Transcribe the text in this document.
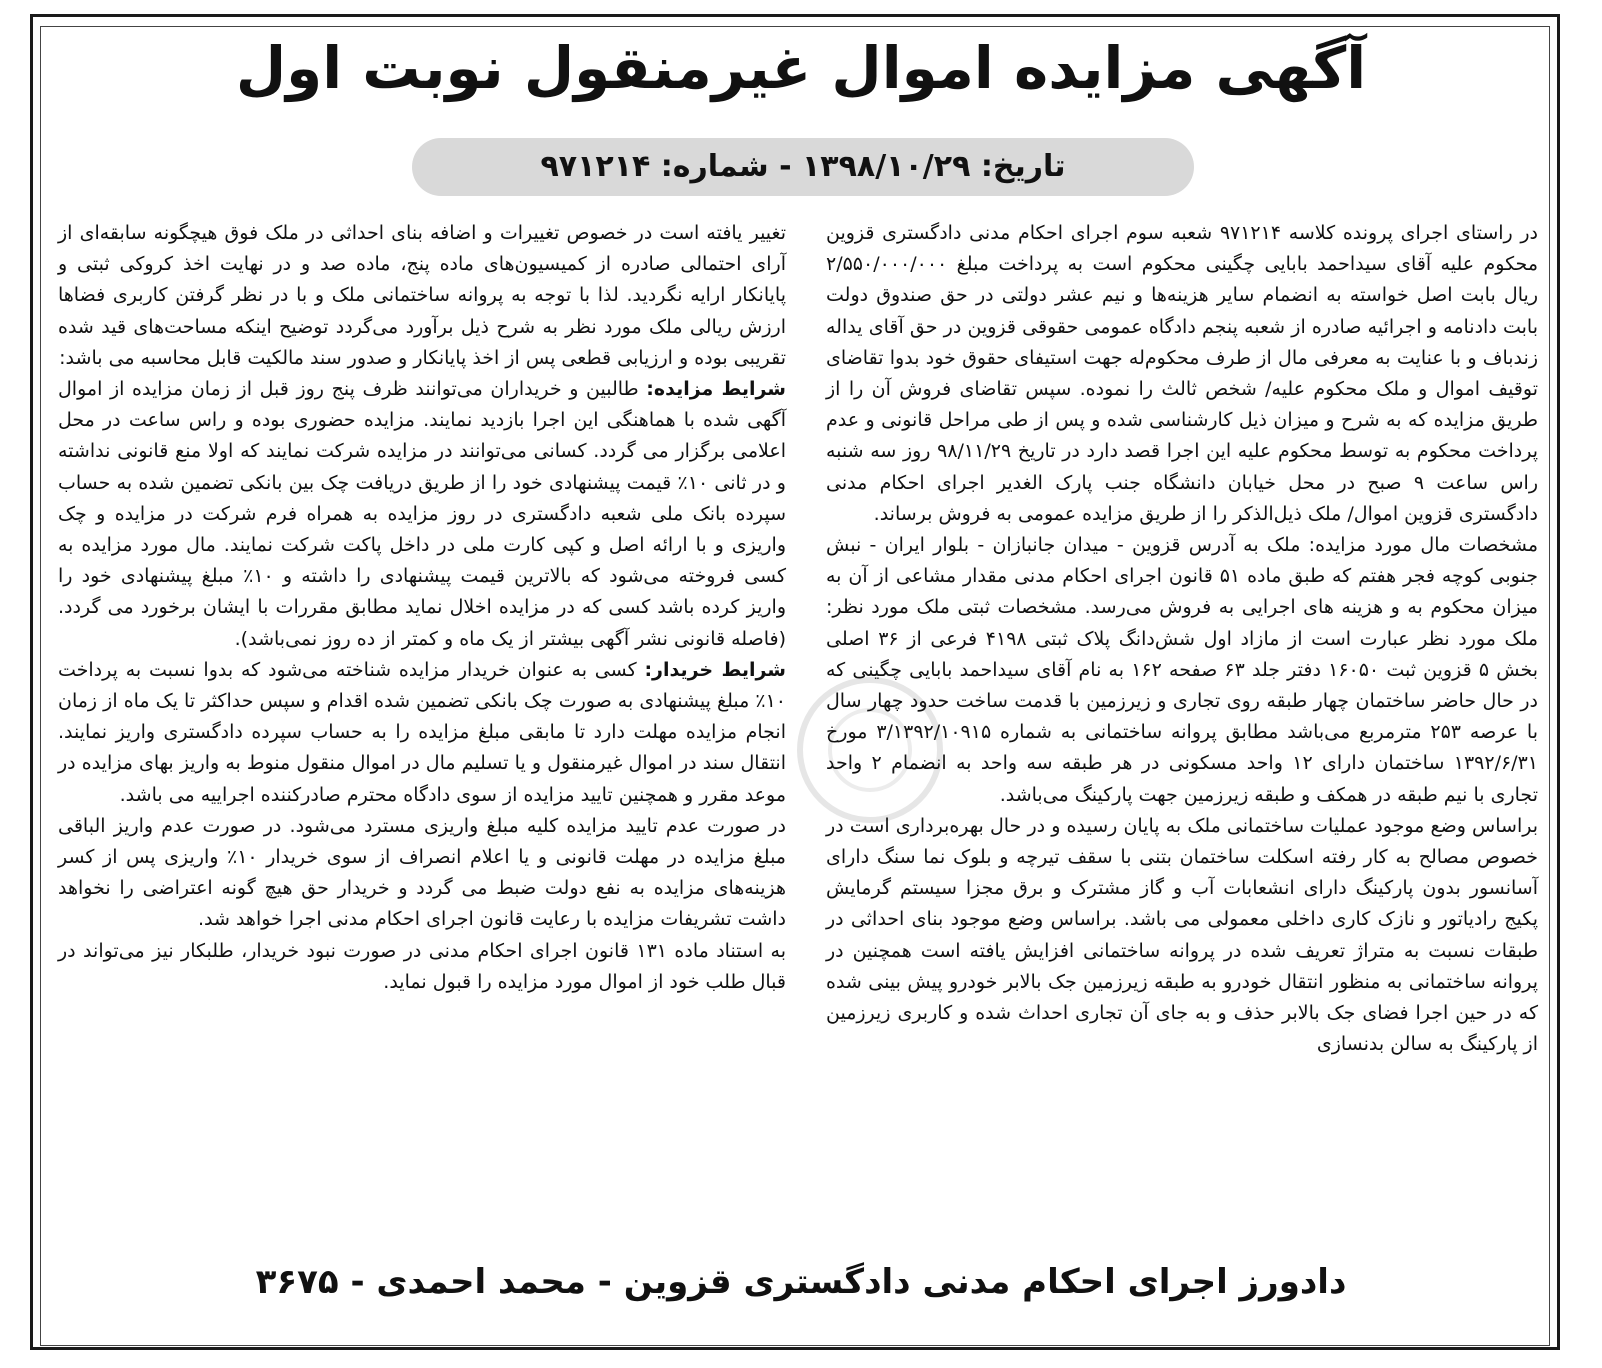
آگهی مزایده اموال غیرمنقول نوبت اول
تاریخ: ۱۳۹۸/۱۰/۲۹ - شماره: ۹۷۱۲۱۴

در راستای اجرای پرونده کلاسه ۹۷۱۲۱۴ شعبه سوم اجرای احکام مدنی دادگستری قزوین محکوم علیه آقای سیداحمد بابایی چگینی محکوم است به پرداخت مبلغ ۲/۵۵۰/۰۰۰/۰۰۰ ریال بابت اصل خواسته به انضمام سایر هزینه‌ها و نیم عشر دولتی در حق صندوق دولت بابت دادنامه و اجرائیه صادره از شعبه پنجم دادگاه عمومی حقوقی قزوین در حق آقای یداله زندباف و با عنایت به معرفی مال از طرف محکوم‌له جهت استیفای حقوق خود بدوا تقاضای توقیف اموال و ملک محکوم علیه/ شخص ثالث را نموده. سپس تقاضای فروش آن را از طریق مزایده که به شرح و میزان ذیل کارشناسی شده و پس از طی مراحل قانونی و عدم پرداخت محکوم به توسط محکوم علیه این اجرا قصد دارد در تاریخ ۹۸/۱۱/۲۹ روز سه شنبه راس ساعت ۹ صبح در محل خیابان دانشگاه جنب پارک الغدیر اجرای احکام مدنی دادگستری قزوین اموال/ ملک ذیل‌الذکر را از طریق مزایده عمومی به فروش برساند.

مشخصات مال مورد مزایده: ملک به آدرس قزوین - میدان جانبازان - بلوار ایران - نبش جنوبی کوچه فجر هفتم که طبق ماده ۵۱ قانون اجرای احکام مدنی مقدار مشاعی از آن به میزان محکوم به و هزینه های اجرایی به فروش می‌رسد. مشخصات ثبتی ملک مورد نظر: ملک مورد نظر عبارت است از مازاد اول شش‌دانگ پلاک ثبتی ۴۱۹۸ فرعی از ۳۶ اصلی بخش ۵ قزوین ثبت ۱۶۰۵۰ دفتر جلد ۶۳ صفحه ۱۶۲ به نام آقای سیداحمد بابایی چگینی که در حال حاضر ساختمان چهار طبقه روی تجاری و زیرزمین با قدمت ساخت حدود چهار سال با عرصه ۲۵۳ مترمربع می‌باشد مطابق پروانه ساختمانی به شماره ۳/۱۳۹۲/۱۰۹۱۵ مورخ ۱۳۹۲/۶/۳۱ ساختمان دارای ۱۲ واحد مسکونی در هر طبقه سه واحد به انضمام ۲ واحد تجاری با نیم طبقه در همکف و طبقه زیرزمین جهت پارکینگ می‌باشد.

براساس وضع موجود عملیات ساختمانی ملک به پایان رسیده و در حال بهره‌برداری است در خصوص مصالح به کار رفته اسکلت ساختمان بتنی با سقف تیرچه و بلوک نما سنگ دارای آسانسور بدون پارکینگ دارای انشعابات آب و گاز مشترک و برق مجزا سیستم گرمایش پکیج رادیاتور و نازک کاری داخلی معمولی می باشد. براساس وضع موجود بنای احداثی در طبقات نسبت به متراژ تعریف شده در پروانه ساختمانی افزایش یافته است همچنین در پروانه ساختمانی به منظور انتقال خودرو به طبقه زیرزمین جک بالابر خودرو پیش بینی شده که در حین اجرا فضای جک بالابر حذف و به جای آن تجاری احداث شده و کاربری زیرزمین از پارکینگ به سالن بدنسازی

تغییر یافته است در خصوص تغییرات و اضافه بنای احداثی در ملک فوق هیچگونه سابقه‌ای از آرای احتمالی صادره از کمیسیون‌های ماده پنج، ماده صد و در نهایت اخذ کروکی ثبتی و پایانکار ارایه نگردید. لذا با توجه به پروانه ساختمانی ملک و با در نظر گرفتن کاربری فضاها ارزش ریالی ملک مورد نظر به شرح ذیل برآورد می‌گردد توضیح اینکه مساحت‌های قید شده تقریبی بوده و ارزیابی قطعی پس از اخذ پایانکار و صدور سند مالکیت قابل محاسبه می باشد:

شرایط مزایده: طالبین و خریداران می‌توانند ظرف پنج روز قبل از زمان مزایده از اموال آگهی شده با هماهنگی این اجرا بازدید نمایند. مزایده حضوری بوده و راس ساعت در محل اعلامی برگزار می گردد. کسانی می‌توانند در مزایده شرکت نمایند که اولا منع قانونی نداشته و در ثانی ۱۰٪ قیمت پیشنهادی خود را از طریق دریافت چک بین بانکی تضمین شده به حساب سپرده بانک ملی شعبه دادگستری در روز مزایده به همراه فرم شرکت در مزایده و چک واریزی و با ارائه اصل و کپی کارت ملی در داخل پاکت شرکت نمایند. مال مورد مزایده به کسی فروخته می‌شود که بالاترین قیمت پیشنهادی را داشته و ۱۰٪ مبلغ پیشنهادی خود را واریز کرده باشد کسی که در مزایده اخلال نماید مطابق مقررات با ایشان برخورد می گردد. (فاصله قانونی نشر آگهی بیشتر از یک ماه و کمتر از ده روز نمی‌باشد).

شرایط خریدار: کسی به عنوان خریدار مزایده شناخته می‌شود که بدوا نسبت به پرداخت ۱۰٪ مبلغ پیشنهادی به صورت چک بانکی تضمین شده اقدام و سپس حداکثر تا یک ماه از زمان انجام مزایده مهلت دارد تا مابقی مبلغ مزایده را به حساب سپرده دادگستری واریز نمایند. انتقال سند در اموال غیرمنقول و یا تسلیم مال در اموال منقول منوط به واریز بهای مزایده در موعد مقرر و همچنین تایید مزایده از سوی دادگاه محترم صادرکننده اجراییه می باشد.

در صورت عدم تایید مزایده کلیه مبلغ واریزی مسترد می‌شود. در صورت عدم واریز الباقی مبلغ مزایده در مهلت قانونی و یا اعلام انصراف از سوی خریدار ۱۰٪ واریزی پس از کسر هزینه‌های مزایده به نفع دولت ضبط می گردد و خریدار حق هیچ گونه اعتراضی را نخواهد داشت تشریفات مزایده با رعایت قانون اجرای احکام مدنی اجرا خواهد شد.

به استناد ماده ۱۳۱ قانون اجرای احکام مدنی در صورت نبود خریدار، طلبکار نیز می‌تواند در قبال طلب خود از اموال مورد مزایده را قبول نماید.

دادورز اجرای احکام مدنی دادگستری قزوین - محمد احمدی - ۳۶۷۵
